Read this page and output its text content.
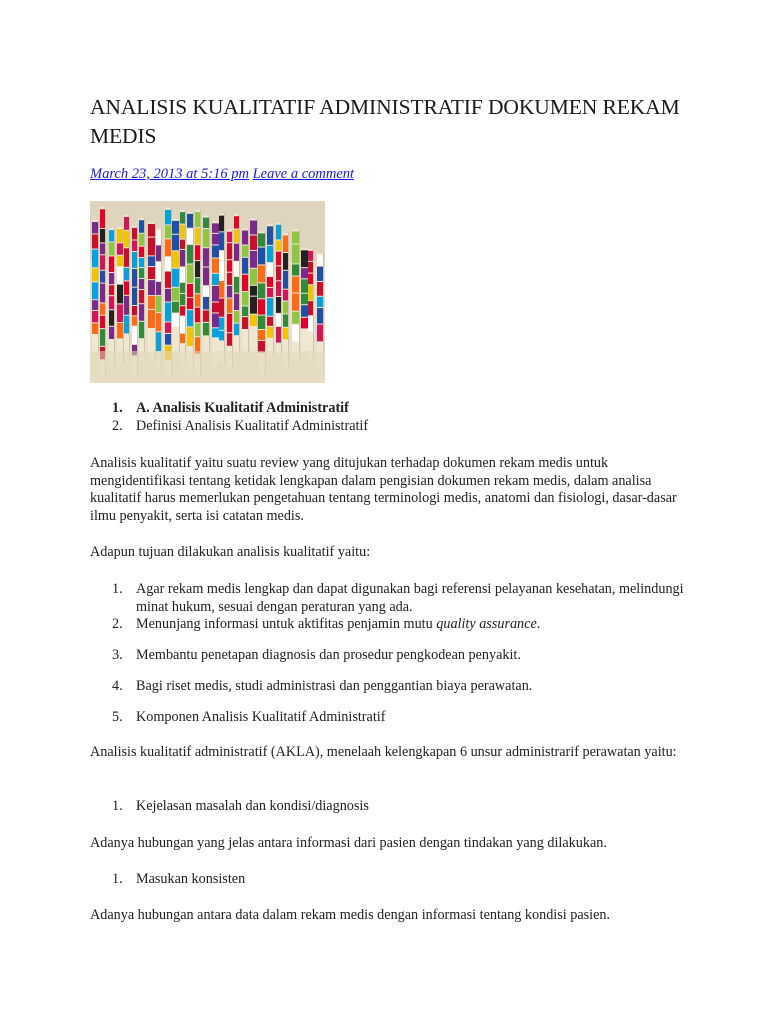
ANALISIS KUALITATIF ADMINISTRATIF DOKUMEN REKAM MEDIS
March 23, 2013 at 5:16 pm Leave a comment
1. A. Analisis Kualitatif Administratif
2. Definisi Analisis Kualitatif Administratif

Analisis kualitatif yaitu suatu review yang ditujukan terhadap dokumen rekam medis untuk mengidentifikasi tentang ketidak lengkapan dalam pengisian dokumen rekam medis, dalam analisa kualitatif harus memerlukan pengetahuan tentang terminologi medis, anatomi dan fisiologi, dasar-dasar ilmu penyakit, serta isi catatan medis.

Adapun tujuan dilakukan analisis kualitatif yaitu:

1. Agar rekam medis lengkap dan dapat digunakan bagi referensi pelayanan kesehatan, melindungi minat hukum, sesuai dengan peraturan yang ada.
2. Menunjang informasi untuk aktifitas penjamin mutu quality assurance.
3. Membantu penetapan diagnosis dan prosedur pengkodean penyakit.
4. Bagi riset medis, studi administrasi dan penggantian biaya perawatan.
5. Komponen Analisis Kualitatif Administratif

Analisis kualitatif administratif (AKLA), menelaah kelengkapan 6 unsur administrarif perawatan yaitu:

1. Kejelasan masalah dan kondisi/diagnosis

Adanya hubungan yang jelas antara informasi dari pasien dengan tindakan yang dilakukan.

1. Masukan konsisten

Adanya hubungan antara data dalam rekam medis dengan informasi tentang kondisi pasien.
